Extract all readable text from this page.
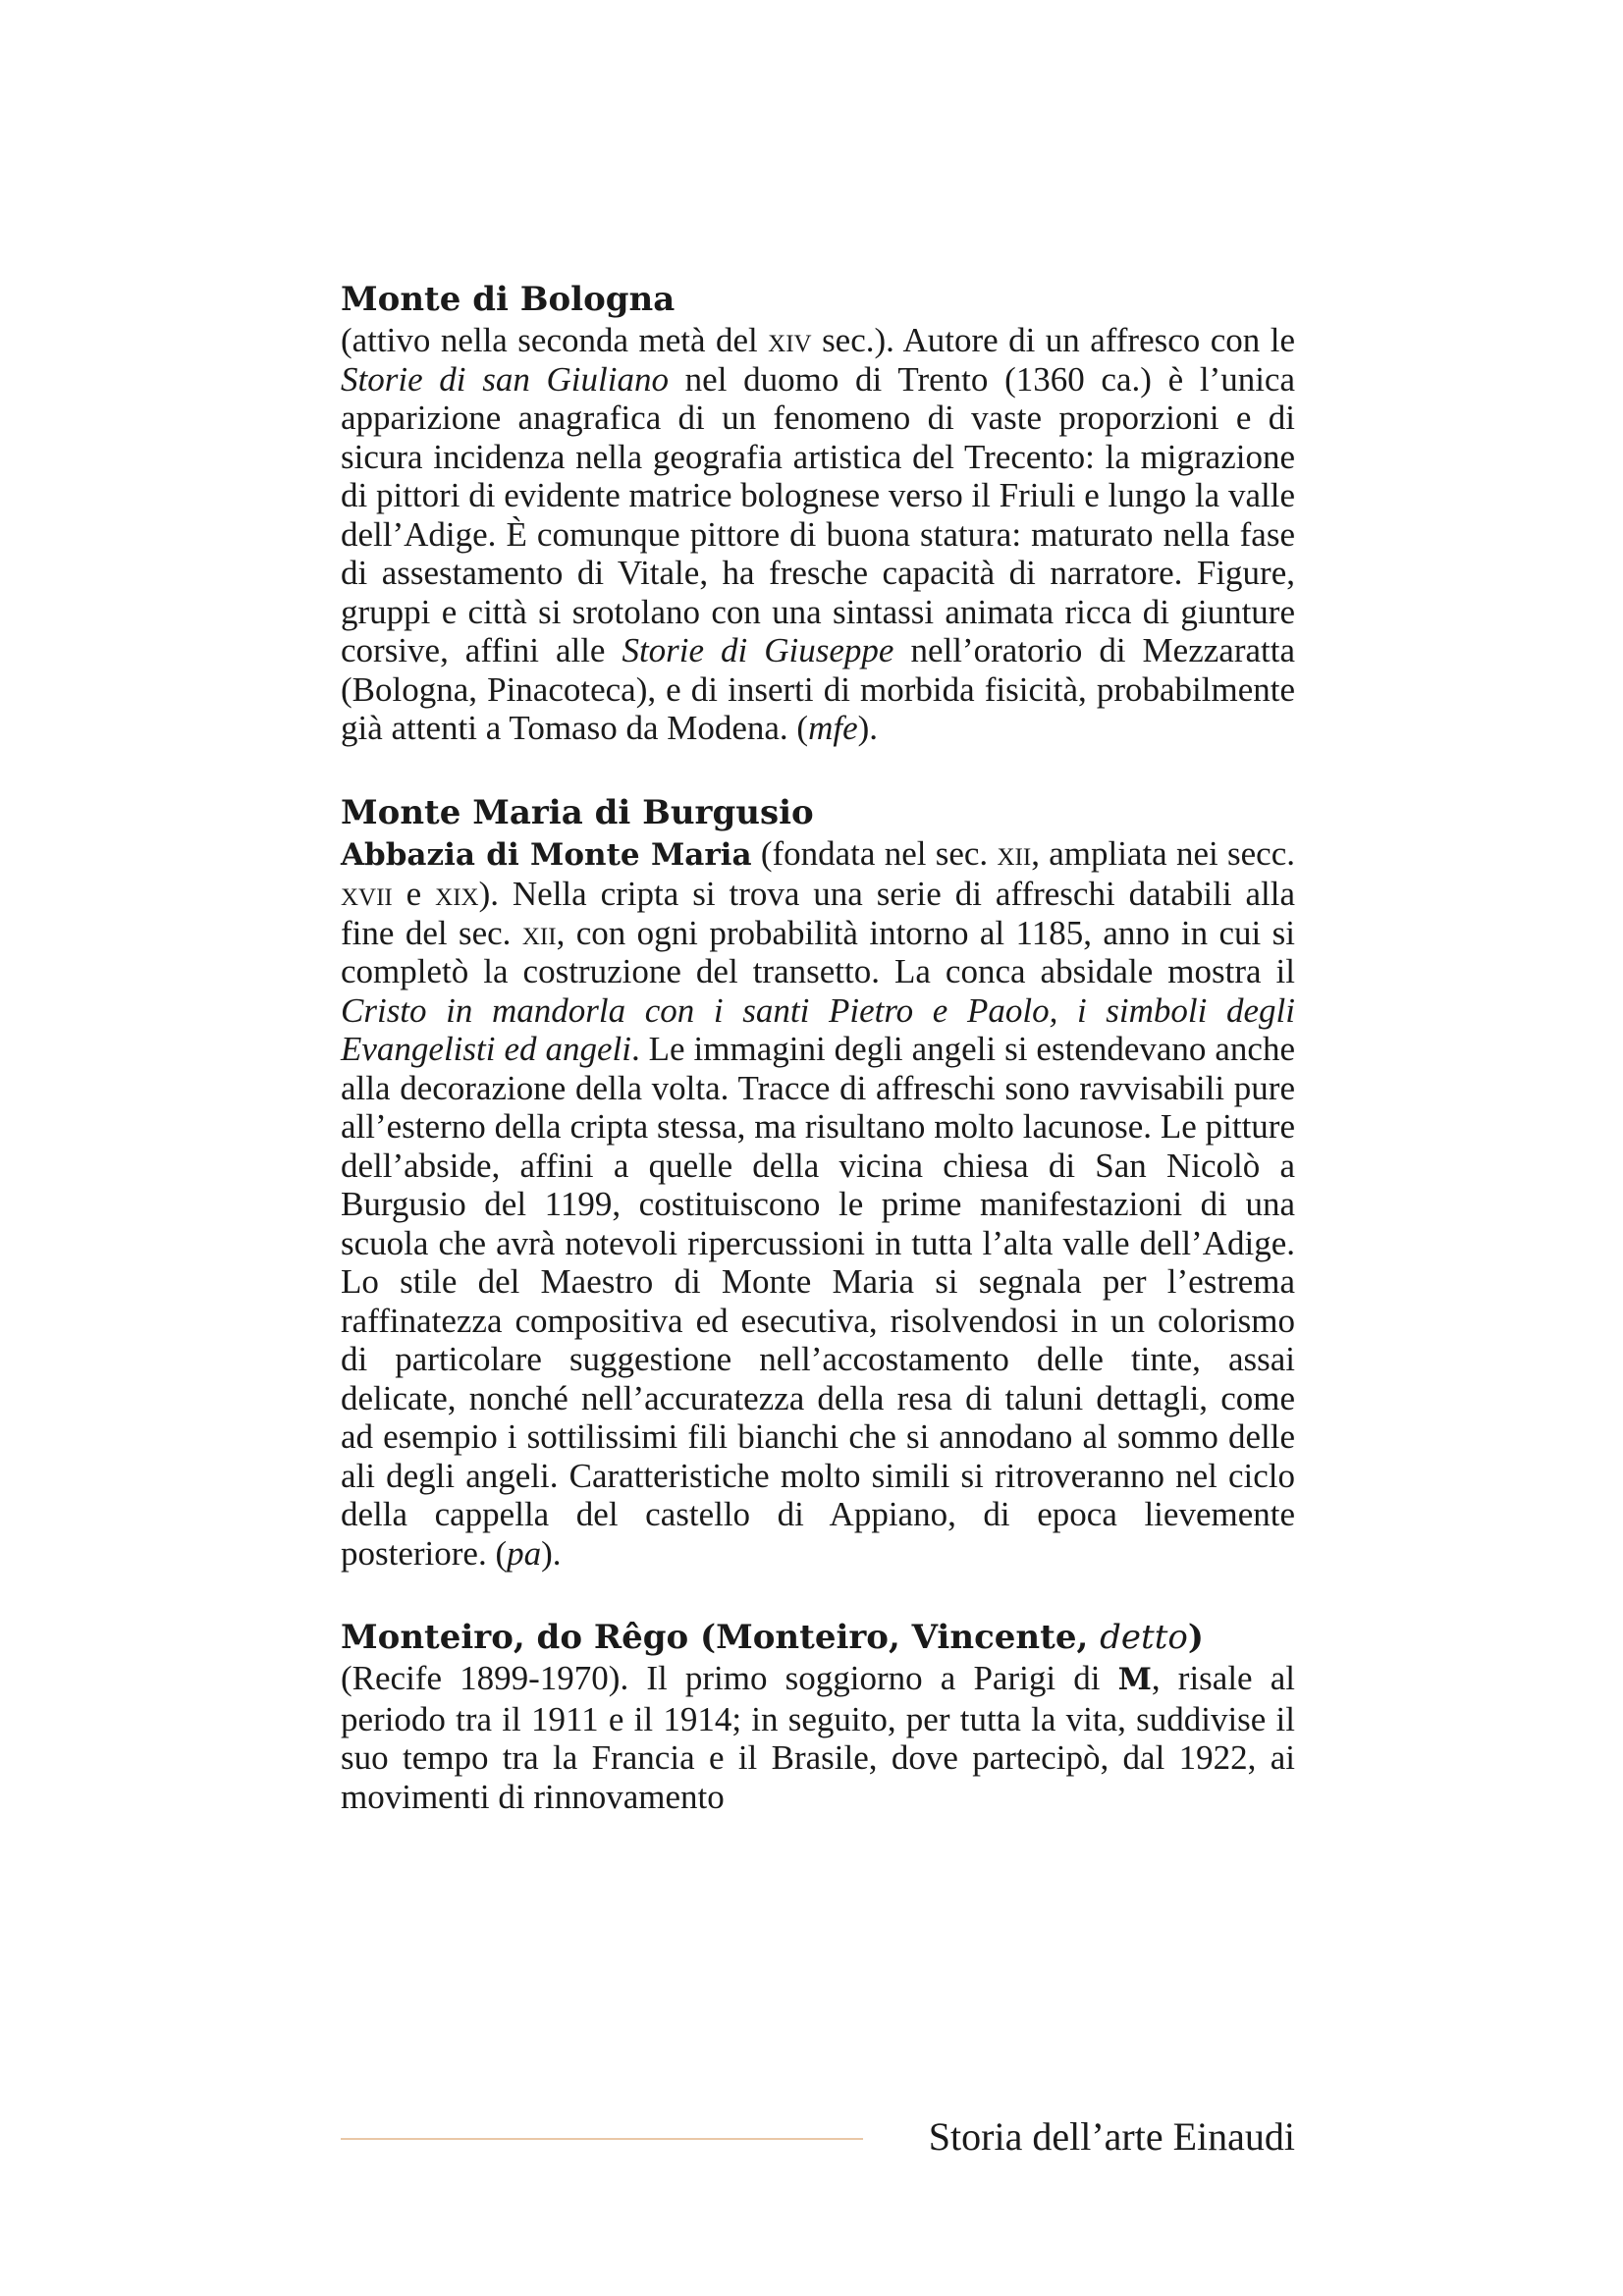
Monte di Bologna

(attivo nella seconda metà del xiv sec.). Autore di un affresco con le Storie di san Giuliano nel duomo di Trento (1360 ca.) è l’unica apparizione anagrafica di un fenomeno di vaste proporzioni e di sicura incidenza nella geografia artistica del Trecento: la migrazione di pittori di evidente matrice bolognese verso il Friuli e lungo la valle dell’Adige. È comunque pittore di buona statura: maturato nella fase di assestamento di Vitale, ha fresche capacità di narratore. Figure, gruppi e città si srotolano con una sintassi animata ricca di giunture corsive, affini alle Storie di Giuseppe nell’oratorio di Mezzaratta (Bologna, Pinacoteca), e di inserti di morbida fisicità, probabilmente già attenti a Tomaso da Modena. (mfe).

Monte Maria di Burgusio

Abbazia di Monte Maria (fondata nel sec. xii, ampliata nei secc. xvii e xix). Nella cripta si trova una serie di affreschi databili alla fine del sec. xii, con ogni probabilità intorno al 1185, anno in cui si completò la costruzione del transetto. La conca absidale mostra il Cristo in mandorla con i santi Pietro e Paolo, i simboli degli Evangelisti ed angeli. Le immagini degli angeli si estendevano anche alla decorazione della volta. Tracce di affreschi sono ravvisabili pure all’esterno della cripta stessa, ma risultano molto lacunose. Le pitture dell’abside, affini a quelle della vicina chiesa di San Nicolò a Burgusio del 1199, costituiscono le prime manifestazioni di una scuola che avrà notevoli ripercussioni in tutta l’alta valle dell’Adige. Lo stile del Maestro di Monte Maria si segnala per l’estrema raffinatezza compositiva ed esecutiva, risolvendosi in un colorismo di particolare suggestione nell’accostamento delle tinte, assai delicate, nonché nell’accuratezza della resa di taluni dettagli, come ad esempio i sottilissimi fili bianchi che si annodano al sommo delle ali degli angeli. Caratteristiche molto simili si ritroveranno nel ciclo della cappella del castello di Appiano, di epoca lievemente posteriore. (pa).

Monteiro, do Rêgo (Monteiro, Vincente, detto)

(Recife 1899-1970). Il primo soggiorno a Parigi di M, risale al periodo tra il 1911 e il 1914; in seguito, per tutta la vita, suddivise il suo tempo tra la Francia e il Brasile, dove partecipò, dal 1922, ai movimenti di rinnovamento

Storia dell’arte Einaudi
